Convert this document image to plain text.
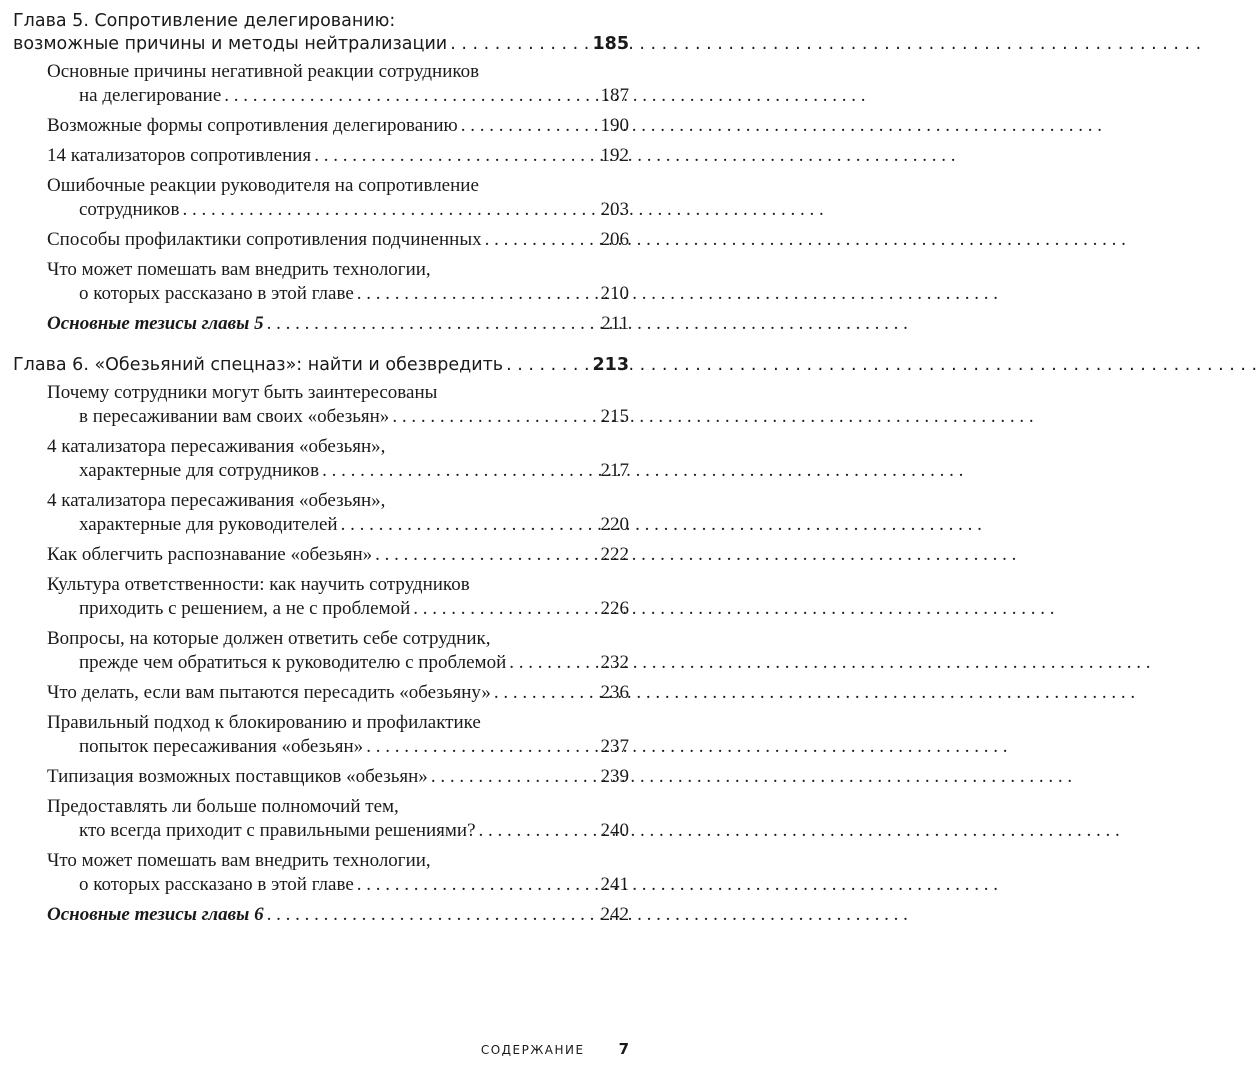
Глава 5. Сопротивление делегированию:
возможные причины и методы нейтрализации . . .	185
Основные причины негативной реакции сотрудников
на делегирование . . .	187
Возможные формы сопротивления делегированию . . .	190
14 катализаторов сопротивления . . .	192
Ошибочные реакции руководителя на сопротивление
сотрудников . . .	203
Способы профилактики сопротивления подчиненных . . .	206
Что может помешать вам внедрить технологии,
о которых рассказано в этой главе . . .	210
Основные тезисы главы 5 . . .	211
Глава 6. «Обезьяний спецназ»: найти и обезвредить . . .	213
Почему сотрудники могут быть заинтересованы
в пересаживании вам своих «обезьян» . . .	215
4 катализатора пересаживания «обезьян»,
характерные для сотрудников . . .	217
4 катализатора пересаживания «обезьян»,
характерные для руководителей . . .	220
Как облегчить распознавание «обезьян» . . .	222
Культура ответственности: как научить сотрудников
приходить с решением, а не с проблемой . . .	226
Вопросы, на которые должен ответить себе сотрудник,
прежде чем обратиться к руководителю с проблемой . . .	232
Что делать, если вам пытаются пересадить «обезьяну» . . .	236
Правильный подход к блокированию и профилактике
попыток пересаживания «обезьян» . . .	237
Типизация возможных поставщиков «обезьян» . . .	239
Предоставлять ли больше полномочий тем,
кто всегда приходит с правильными решениями? . . .	240
Что может помешать вам внедрить технологии,
о которых рассказано в этой главе . . .	241
Основные тезисы главы 6 . . .	242
СОДЕРЖАНИЕ 7
